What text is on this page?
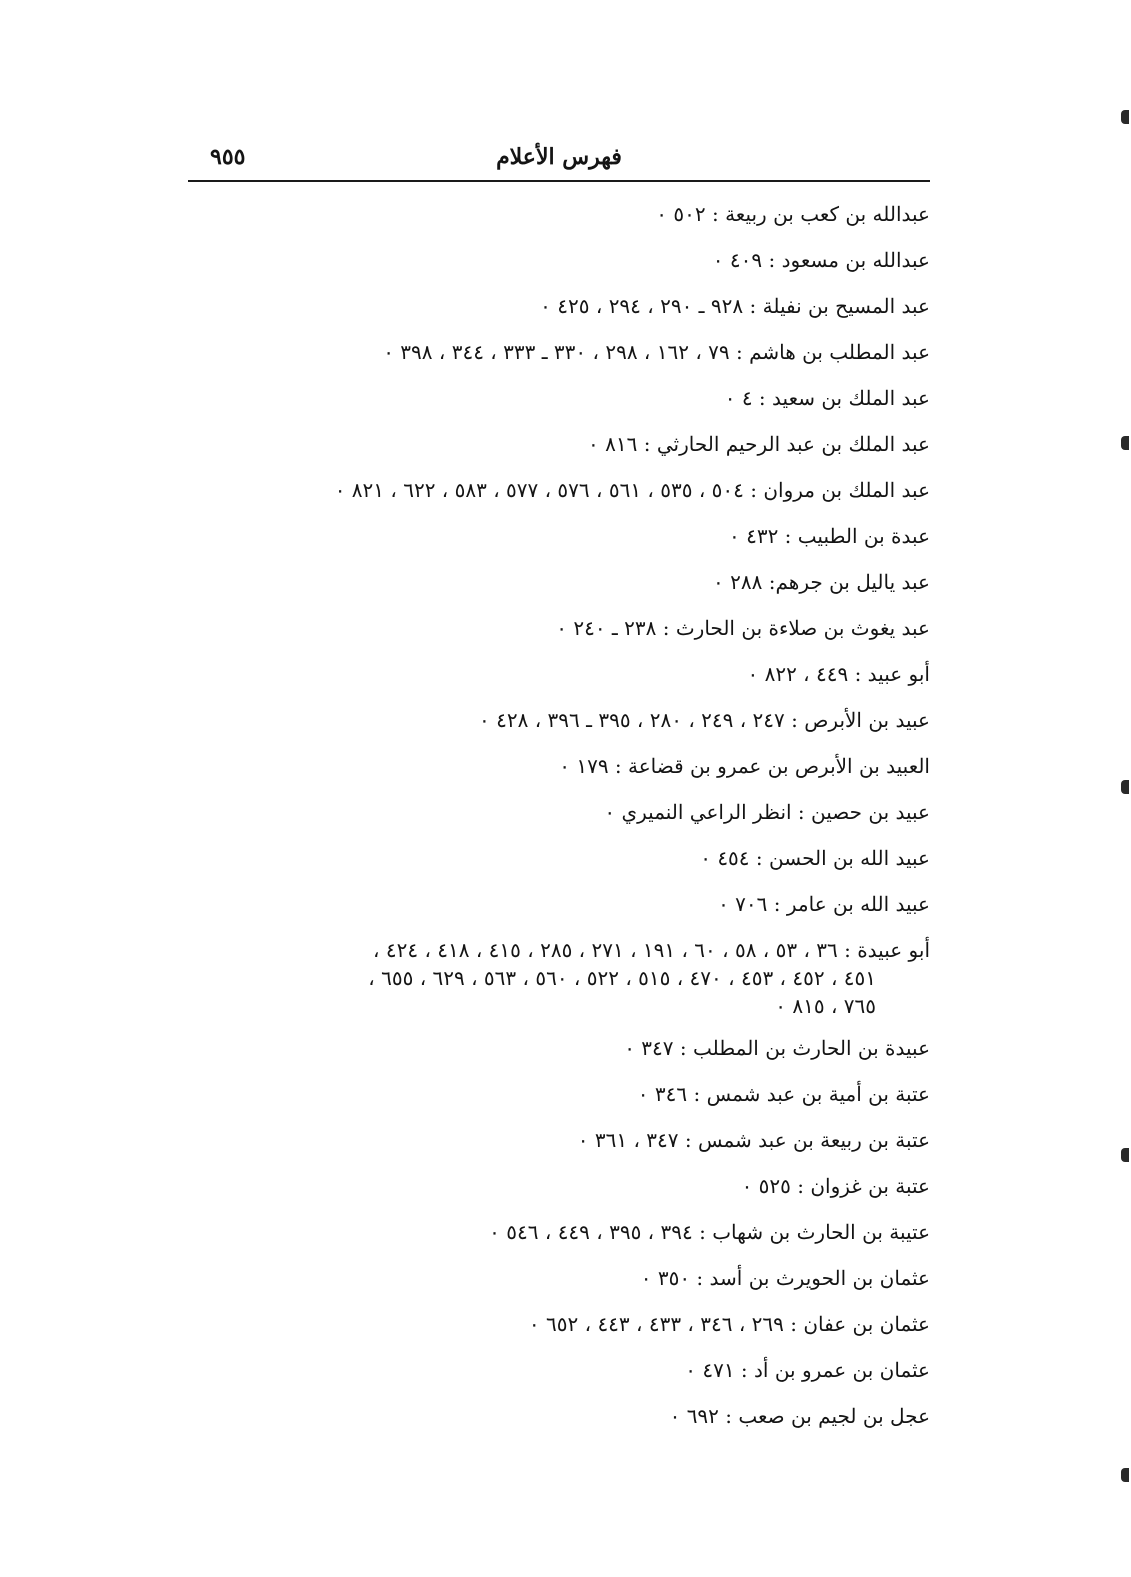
٩٥٥	فهرس الأعلام
عبدالله بن كعب بن ربيعة : ٥٠٢ ٠
عبدالله بن مسعود : ٤٠٩ ٠
عبد المسيح بن نفيلة : ٩٢٨ ـ ٢٩٠ ، ٢٩٤ ، ٤٢٥ ٠
عبد المطلب بن هاشم : ٧٩ ، ١٦٢ ، ٢٩٨ ، ٣٣٠ ـ ٣٣٣ ، ٣٤٤ ، ٣٩٨ ٠
عبد الملك بن سعيد : ٤ ٠
عبد الملك بن عبد الرحيم الحارثي : ٨١٦ ٠
عبد الملك بن مروان : ٥٠٤ ، ٥٣٥ ، ٥٦١ ، ٥٧٦ ، ٥٧٧ ، ٥٨٣ ، ٦٢٢ ، ٨٢١ ٠
عبدة بن الطبيب : ٤٣٢ ٠
عبد ياليل بن جرهم: ٢٨٨ ٠
عبد يغوث بن صلاءة بن الحارث : ٢٣٨ ـ ٢٤٠ ٠
أبو عبيد : ٤٤٩ ، ٨٢٢ ٠
عبيد بن الأبرص : ٢٤٧ ، ٢٤٩ ، ٢٨٠ ، ٣٩٥ ـ ٣٩٦ ، ٤٢٨ ٠
العبيد بن الأبرص بن عمرو بن قضاعة : ١٧٩ ٠
عبيد بن حصين : انظر الراعي النميري ٠
عبيد الله بن الحسن : ٤٥٤ ٠
عبيد الله بن عامر : ٧٠٦ ٠
أبو عبيدة : ٣٦ ، ٥٣ ، ٥٨ ، ٦٠ ، ١٩١ ، ٢٧١ ، ٢٨٥ ، ٤١٥ ، ٤١٨ ، ٤٢٤ ،
٤٥١ ، ٤٥٢ ، ٤٥٣ ، ٤٧٠ ، ٥١٥ ، ٥٢٢ ، ٥٦٠ ، ٥٦٣ ، ٦٢٩ ، ٦٥٥ ،
٧٦٥ ، ٨١٥ ٠
عبيدة بن الحارث بن المطلب : ٣٤٧ ٠
عتبة بن أمية بن عبد شمس : ٣٤٦ ٠
عتبة بن ربيعة بن عبد شمس : ٣٤٧ ، ٣٦١ ٠
عتبة بن غزوان : ٥٢٥ ٠
عتيبة بن الحارث بن شهاب : ٣٩٤ ، ٣٩٥ ، ٤٤٩ ، ٥٤٦ ٠
عثمان بن الحويرث بن أسد : ٣٥٠ ٠
عثمان بن عفان : ٢٦٩ ، ٣٤٦ ، ٤٣٣ ، ٤٤٣ ، ٦٥٢ ٠
عثمان بن عمرو بن أد : ٤٧١ ٠
عجل بن لجيم بن صعب : ٦٩٢ ٠
